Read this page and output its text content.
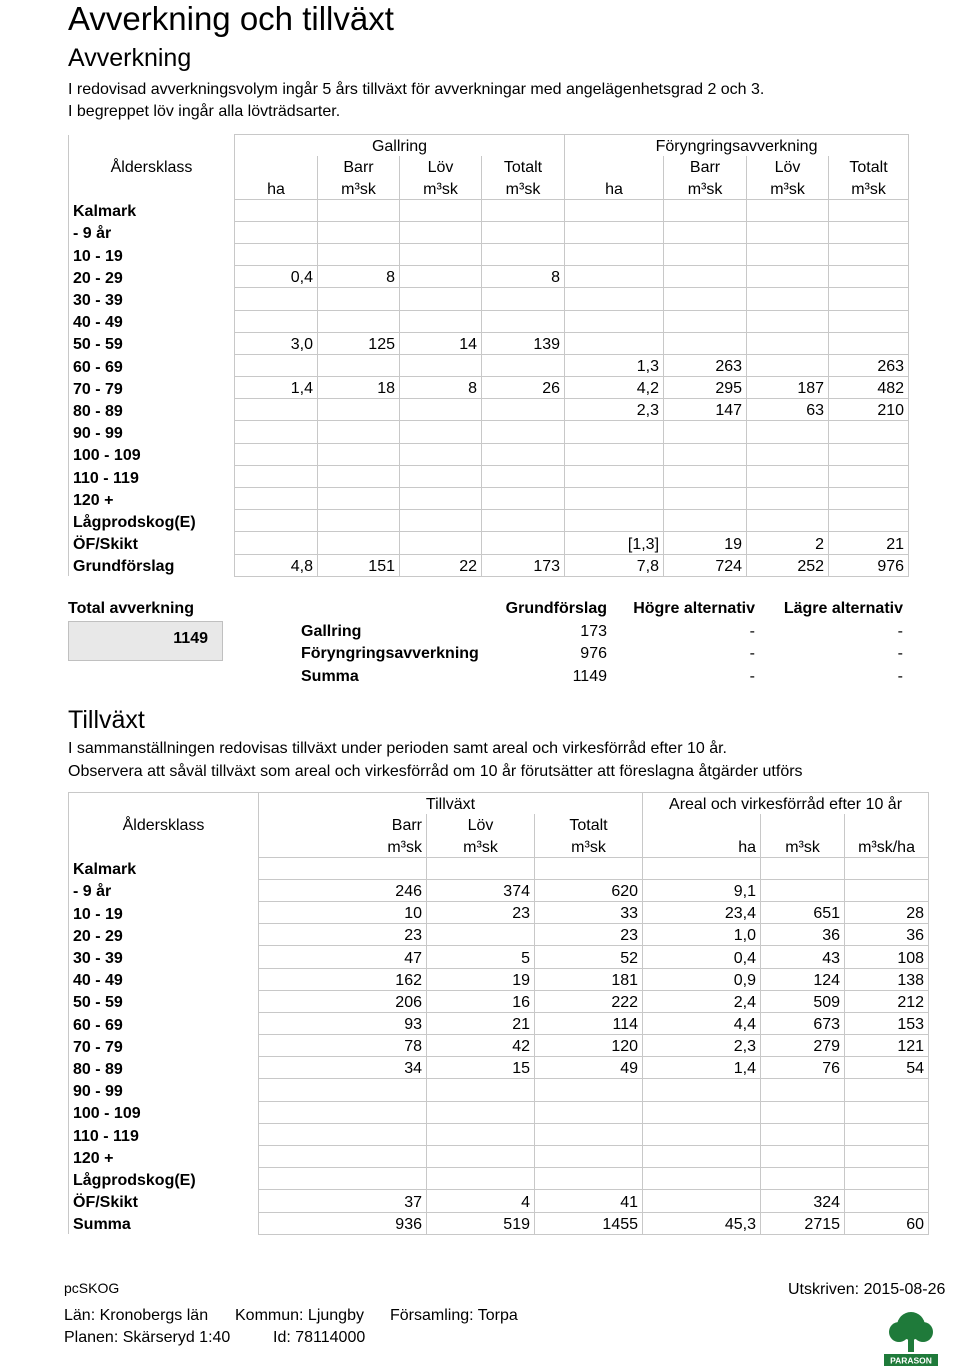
Avverkning och tillväxt
Avverkning
I redovisad avverkningsvolym ingår 5 års tillväxt för avverkningar med angelägenhetsgrad 2 och 3.
I begreppet löv ingår alla lövträdsarter.
	Gallring				Föryngringsavverkning			
Åldersklass		Barr	Löv	Totalt		Barr	Löv	Totalt
	ha	m³sk	m³sk	m³sk	ha	m³sk	m³sk	m³sk
Kalmark								
- 9 år								
10 - 19								
20 - 29	0,4	8		8				
30 - 39								
40 - 49								
50 - 59	3,0	125	14	139				
60 - 69					1,3	263		263
70 - 79	1,4	18	8	26	4,2	295	187	482
80 - 89					2,3	147	63	210
90 - 99								
100 - 109								
110 - 119								
120 +								
Lågprodskog(E)								
ÖF/Skikt					[1,3]	19	2	21
Grundförslag	4,8	151	22	173	7,8	724	252	976
Total avverkning
1149
	Grundförslag	Högre alternativ	Lägre alternativ
Gallring	173	-	-
Föryngringsavverkning	976	-	-
Summa	1149	-	-
Tillväxt
I sammanställningen redovisas tillväxt under perioden samt areal och virkesförråd efter 10 år.
Observera att såväl tillväxt som areal och virkesförråd om 10 år förutsätter att föreslagna åtgärder utförs
	Tillväxt			Areal och virkesförråd efter 10 år		
Åldersklass	Barr	Löv	Totalt			
	m³sk	m³sk	m³sk	ha	m³sk	m³sk/ha
Kalmark						
- 9 år	246	374	620	9,1		
10 - 19	10	23	33	23,4	651	28
20 - 29	23		23	1,0	36	36
30 - 39	47	5	52	0,4	43	108
40 - 49	162	19	181	0,9	124	138
50 - 59	206	16	222	2,4	509	212
60 - 69	93	21	114	4,4	673	153
70 - 79	78	42	120	2,3	279	121
80 - 89	34	15	49	1,4	76	54
90 - 99						
100 - 109						
110 - 119						
120 +						
Lågprodskog(E)						
ÖF/Skikt	37	4	41		324	
Summa	936	519	1455	45,3	2715	60
pcSKOG	Utskriven: 2015-08-26
Län: Kronobergs län Kommun: Ljungby Församling: Torpa
Planen: Skärseryd 1:40	Id: 78114000
PARASON
